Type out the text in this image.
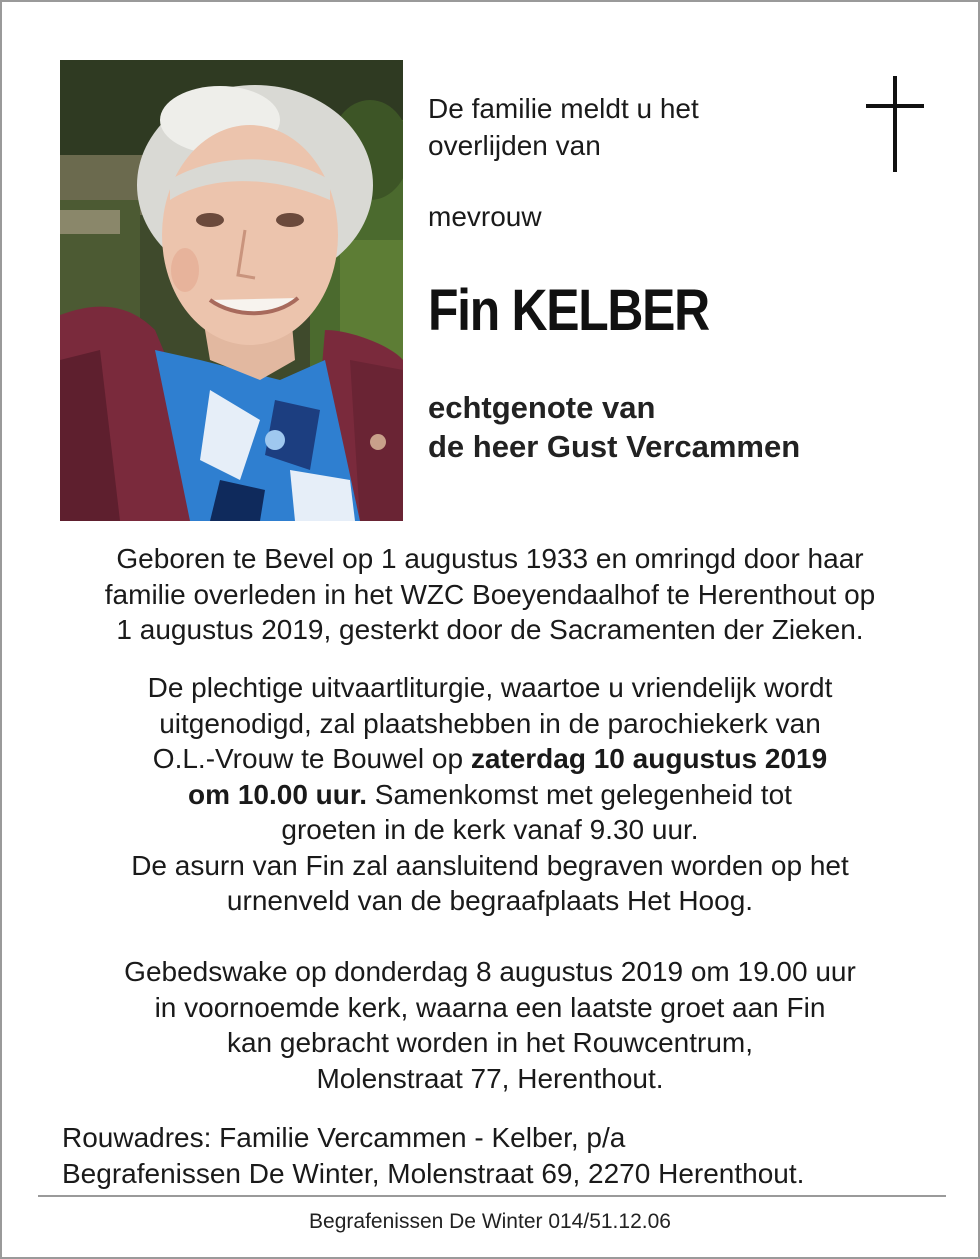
De familie meldt u het
overlijden van
mevrouw
Fin KELBER
echtgenote van
de heer Gust Vercammen
Geboren te Bevel op 1 augustus 1933 en omringd door haar
familie overleden in het WZC Boeyendaalhof te Herenthout op
1 augustus 2019, gesterkt door de Sacramenten der Zieken.
De plechtige uitvaartliturgie, waartoe u vriendelijk wordt
uitgenodigd, zal plaatshebben in de parochiekerk van
O.L.-Vrouw te Bouwel op zaterdag 10 augustus 2019
om 10.00 uur. Samenkomst met gelegenheid tot
groeten in de kerk vanaf 9.30 uur.
De asurn van Fin zal aansluitend begraven worden op het
urnenveld van de begraafplaats Het Hoog.
Gebedswake op donderdag 8 augustus 2019 om 19.00 uur
in voornoemde kerk, waarna een laatste groet aan Fin
kan gebracht worden in het Rouwcentrum,
Molenstraat 77, Herenthout.
Rouwadres: Familie Vercammen - Kelber, p/a
Begrafenissen De Winter, Molenstraat 69, 2270 Herenthout.
Begrafenissen De Winter 014/51.12.06
